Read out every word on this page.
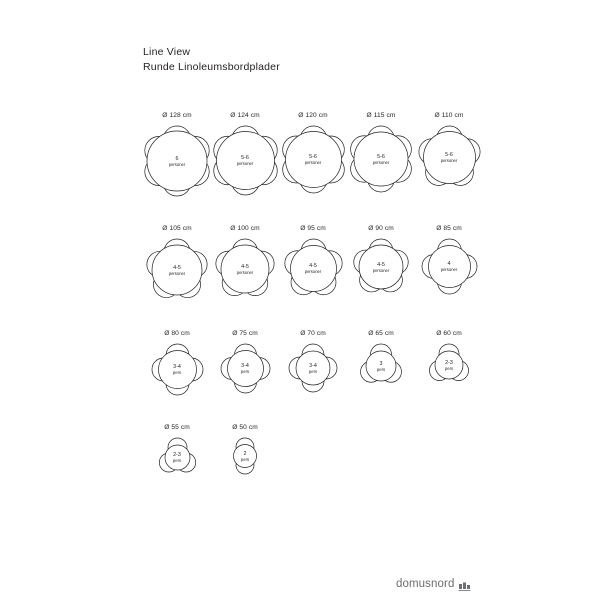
Line View
Runde Linoleumsbordplader
Ø 128 cm
6
personer
Ø 124 cm
5-6
personer
Ø 120 cm
5-6
personer
Ø 115 cm
5-6
personer
Ø 110 cm
5-6
personer
Ø 105 cm
4-5
personer
Ø 100 cm
4-5
personer
Ø 95 cm
4-5
personer
Ø 90 cm
4-5
personer
Ø 85 cm
4
personer
Ø 80 cm
3-4
pers
Ø 75 cm
3-4
pers
Ø 70 cm
3-4
pers
Ø 65 cm
3
pers
Ø 60 cm
2-3
pers
Ø 55 cm
2-3
pers
Ø 50 cm
2
pers
domusnord
